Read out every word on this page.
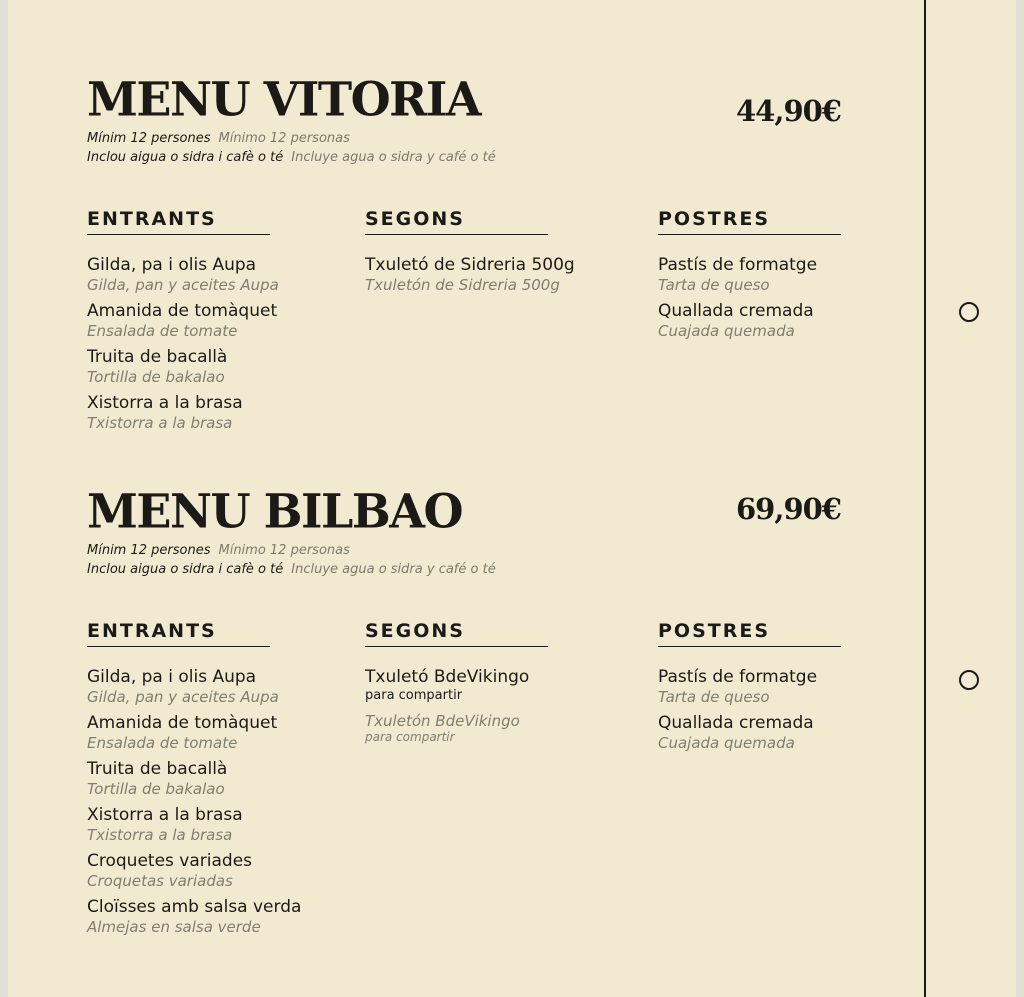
MENU VITORIA	44,90€
Mínim 12 persones Mínimo 12 personas
Inclou aigua o sidra i cafè o té Incluye agua o sidra y café o té
ENTRANTS
Gilda, pa i olis Aupa
Gilda, pan y aceites Aupa
Amanida de tomàquet
Ensalada de tomate
Truita de bacallà
Tortilla de bakalao
Xistorra a la brasa
Txistorra a la brasa
SEGONS
Txuletó de Sidreria 500g
Txuletón de Sidreria 500g
POSTRES
Pastís de formatge
Tarta de queso
Quallada cremada
Cuajada quemada
MENU BILBAO	69,90€
Mínim 12 persones Mínimo 12 personas
Inclou aigua o sidra i cafè o té Incluye agua o sidra y café o té
ENTRANTS
Gilda, pa i olis Aupa
Gilda, pan y aceites Aupa
Amanida de tomàquet
Ensalada de tomate
Truita de bacallà
Tortilla de bakalao
Xistorra a la brasa
Txistorra a la brasa
Croquetes variades
Croquetas variadas
Cloïsses amb salsa verda
Almejas en salsa verde
SEGONS
Txuletó BdeVikingo
para compartir
Txuletón BdeVikingo
para compartir
POSTRES
Pastís de formatge
Tarta de queso
Quallada cremada
Cuajada quemada
